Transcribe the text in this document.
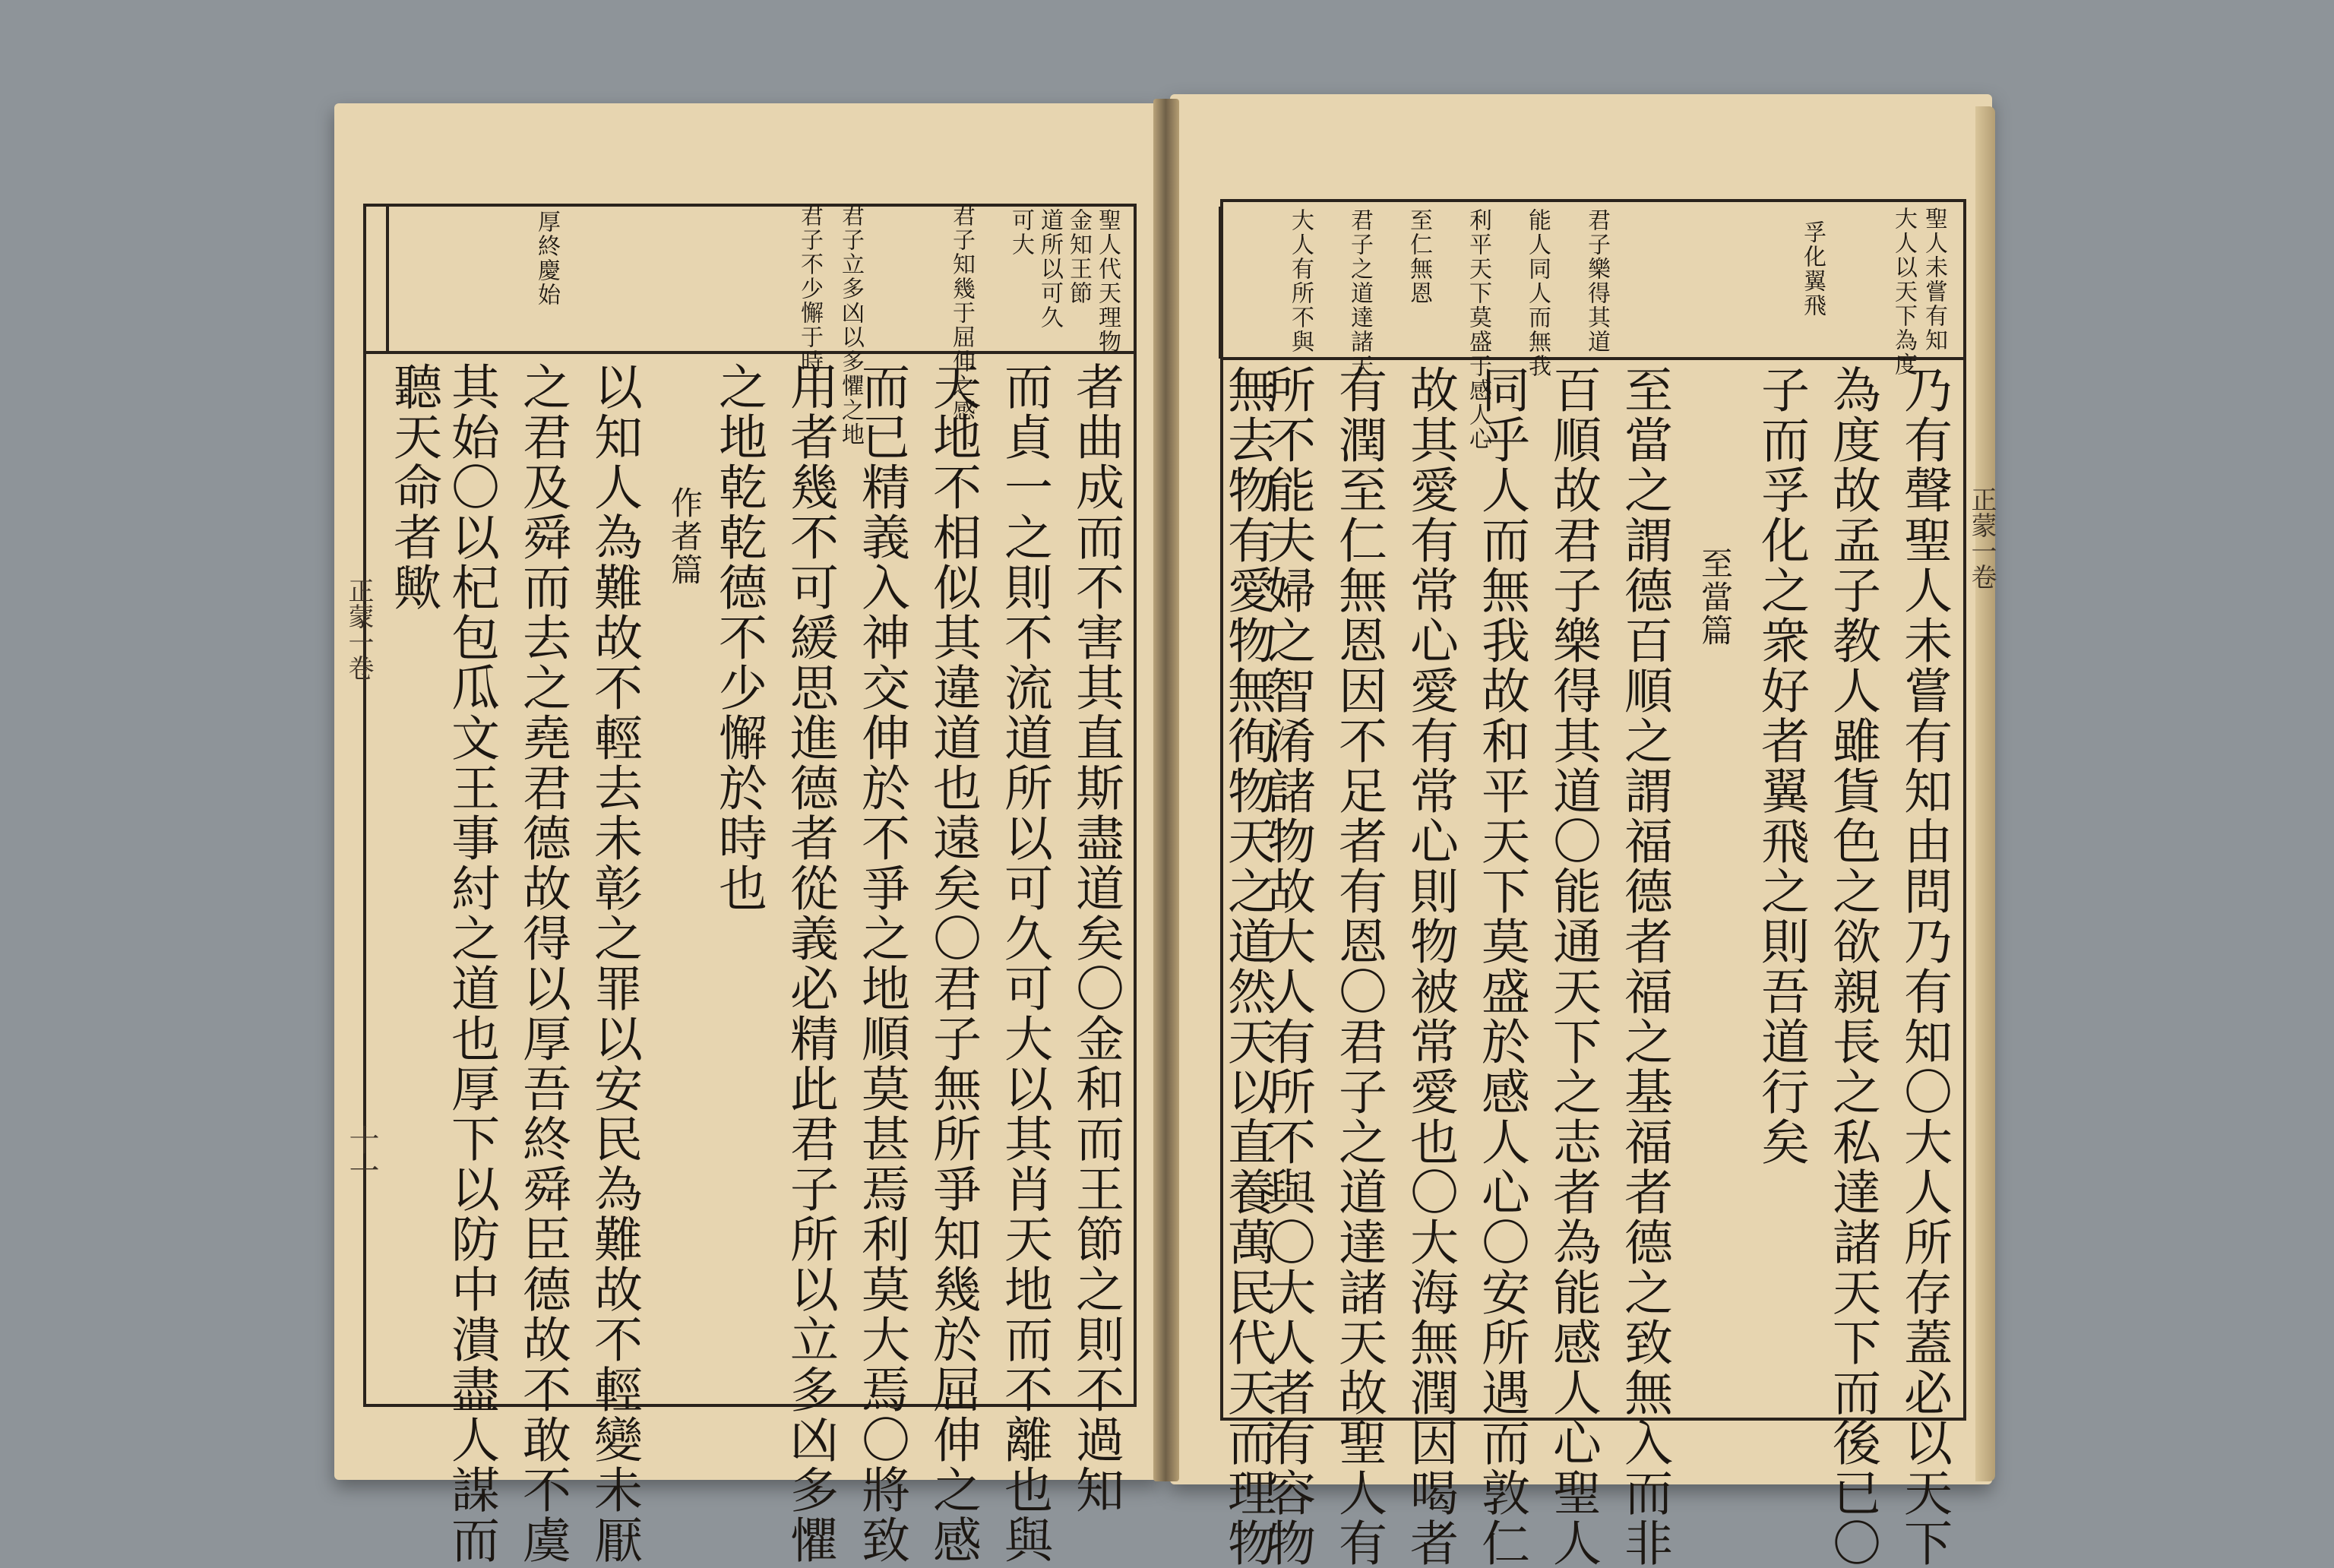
聖人代天理物

金知王節

道所以可久

可大

君子知幾于屈伸之感

君子立多凶以多懼之地

君子不少懈于時

厚終慶始

者曲成而不害其直斯盡道矣〇金和而王節之則不過知

而貞一之則不流道所以可久可大以其肖天地而不離也與

天地不相似其違道也遠矣〇君子無所爭知幾於屈伸之感

而已精義入神交伸於不爭之地順莫甚焉利莫大焉〇將致

用者幾不可緩思進德者從義必精此君子所以立多凶多懼

之地乾乾德不少懈於時也

作者篇

以知人為難故不輕去未彰之罪以安民為難故不輕變未厭

之君及舜而去之堯君德故得以厚吾終舜臣德故不敢不虞

其始〇以杞包瓜文王事紂之道也厚下以防中潰盡人謀而

聽天命者歟

正蒙一卷

十一

聖人未嘗有知

大人以天下為度

孚化翼飛

君子樂得其道

能人同人而無我

利平天下莫盛于感人心

至仁無恩

君子之道達諸天

大人有所不與

乃有聲聖人未嘗有知由問乃有知〇大人所存蓋必以天下

為度故孟子教人雖貨色之欲親長之私達諸天下而後已〇

子而孚化之衆好者翼飛之則吾道行矣

至當篇

至當之謂德百順之謂福德者福之基福者德之致無入而非

百順故君子樂得其道〇能通天下之志者為能感人心聖人

同乎人而無我故和平天下莫盛於感人心〇安所遇而敦仁

故其愛有常心愛有常心則物被常愛也〇大海無潤因喝者

有潤至仁無恩因不足者有恩〇君子之道達諸天故聖人有

所不能夫婦之智淆諸物故大人有所不與〇大人者有容物

無去物有愛物無徇物天之道然天以直養萬民代天而理物	正蒙一卷
